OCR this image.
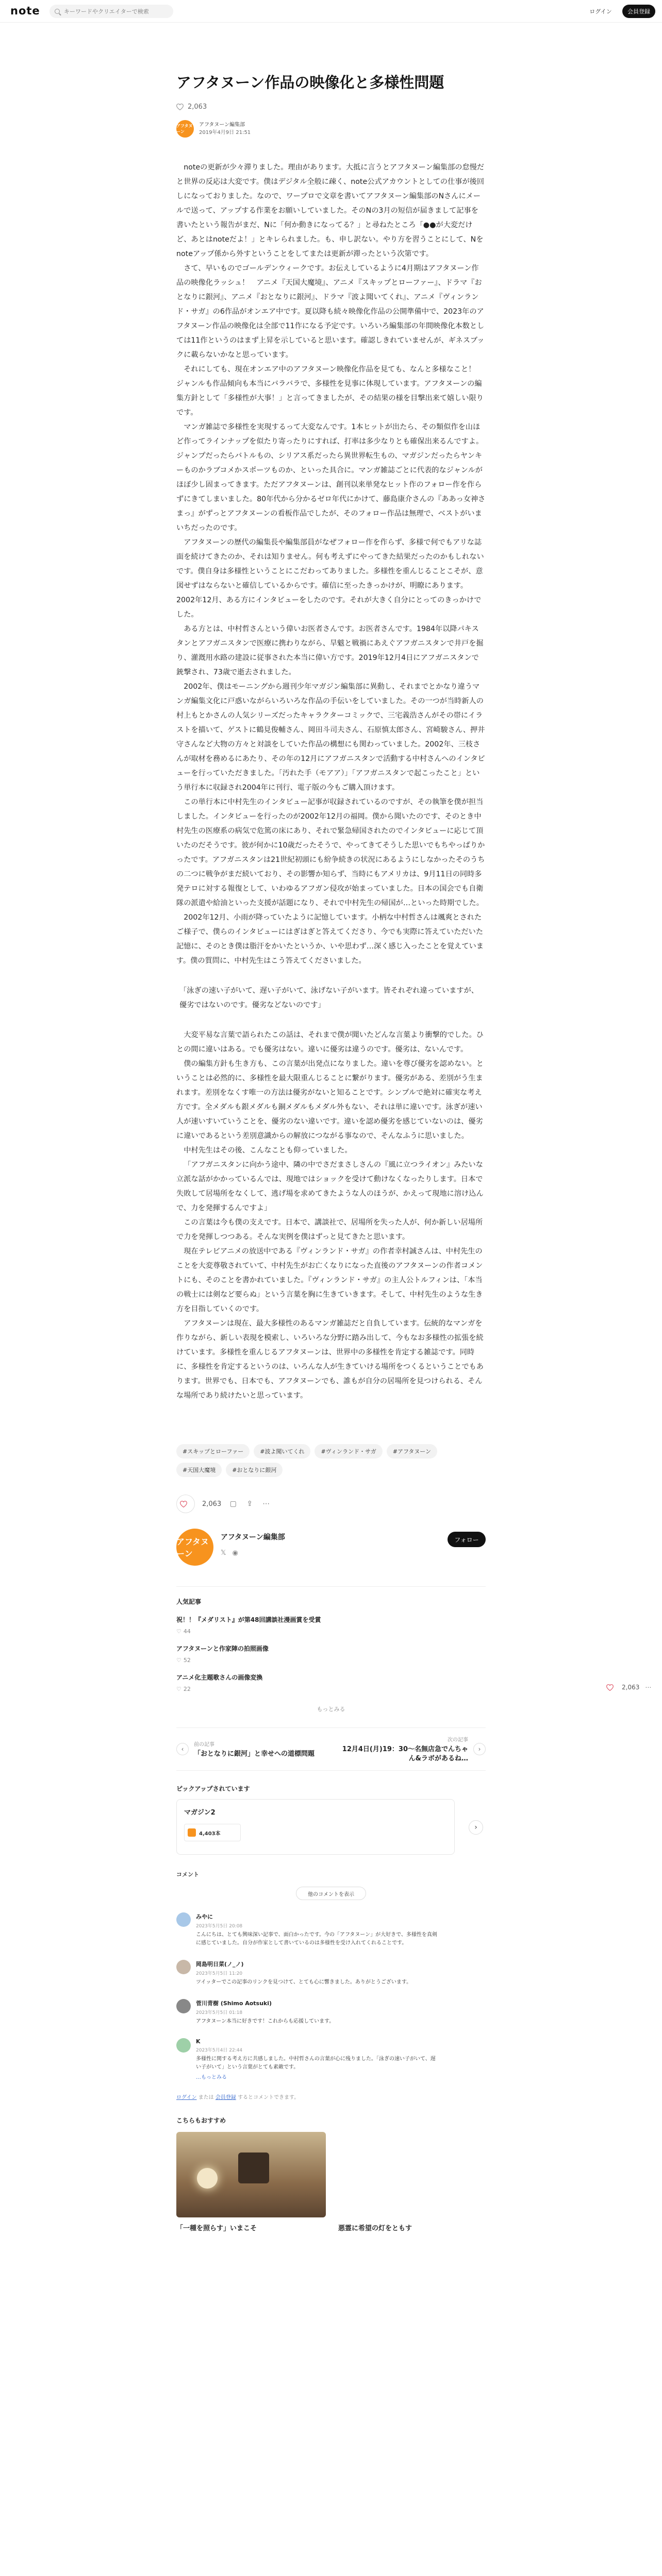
note
キーワードやクリエイターで検索	ログイン	会員登録
2,063 ⋯
アフタヌーン作品の映像化と多様性問題
2,063
アフタヌーン
アフタヌーン編集部
2019年4月9日 21:51

noteの更新が少々滞りました。理由があります。大抵に言うとアフタヌーン編集部の怠慢だと世界の反応は大変です。僕はデジタル全般に疎く、note公式アカウントとしての仕事が後回しになっておりました。なので、ワープロで文章を書いてアフタヌーン編集部のNさんにメールで送って、アップする作業をお願いしていました。そのNの3月の短信が届きまして記事を書いたという報告がまだ、Nに「何か動きになってる？」と尋ねたところ「●●が大変だけど、あとはnoteだよ！」とキレられました。も、申し訳ない。やり方を習うことにして、Nをnoteアップ係から外すということをしてまたは更新が滞ったという次第です。

さて、早いものでゴールデンウィークです。お伝えしているように4月期はアフタヌーン作品の映像化ラッシュ！　アニメ『天国大魔境』、アニメ『スキップとローファー』、ドラマ『おとなりに銀河』、アニメ『おとなりに銀河』、ドラマ『波よ聞いてくれ』、アニメ『ヴィンランド・サガ』の6作品がオンエア中です。夏以降も続々映像化作品の公開準備中で、2023年のアフタヌーン作品の映像化は全部で11作になる予定です。いろいろ編集部の年間映像化本数としては11作というのはまず上昇を示していると思います。確認しきれていませんが、ギネスブックに載らないかなと思っています。

それにしても、現在オンエア中のアフタヌーン映像化作品を見ても、なんと多様なこと！　ジャンルも作品傾向も本当にバラバラで、多様性を見事に体現しています。アフタヌーンの編集方針として「多様性が大事！」と言ってきましたが、その結果の様を目撃出来て嬉しい限りです。

マンガ雑誌で多様性を実現するって大変なんです。1本ヒットが出たら、その類似作を山ほど作ってラインナップを似たり寄ったりにすれば、打率は多少なりとも確保出来るんですよ。ジャンプだったらバトルもの、シリアス系だったら異世界転生もの、マガジンだったらヤンキーものかラブコメかスポーツものか、といった具合に。マンガ雑誌ごとに代表的なジャンルがほぼ少し固まってきます。ただアフタヌーンは、創刊以来単発なヒット作のフォロー作を作らずにきてしまいました。80年代から分かるゼロ年代にかけて、藤島康介さんの『ああっ女神さまっ』がずっとアフタヌーンの看板作品でしたが、そのフォロー作品は無理で、ベストがいまいちだったのです。

アフタヌーンの歴代の編集長や編集部員がなぜフォロー作を作らず、多様で何でもアリな誌面を続けてきたのか、それは知りません。何も考えずにやってきた結果だったのかもしれないです。僕自身は多様性ということにこだわってありました。多様性を重んじることこそが、意図せずはならないと確信しているからです。確信に至ったきっかけが、明瞭にあります。2002年12月、ある方にインタビューをしたのです。それが大きく自分にとってのきっかけでした。

ある方とは、中村哲さんという偉いお医者さんです。お医者さんです。1984年以降パキスタンとアフガニスタンで医療に携わりながら、旱魃と戦禍にあえぐアフガニスタンで井戸を掘り、灌漑用水路の建設に従事された本当に偉い方です。2019年12月4日にアフガニスタンで銃撃され、73歳で逝去されました。

2002年、僕はモーニングから週刊少年マガジン編集部に異動し、それまでとかなり違うマンガ編集文化に戸惑いながらいろいろな作品の手伝いをしていました。その一つが当時新人の村上もとかさんの人気シリーズだったキャラクターコミックで、三宅義浩さんがその帯にイラストを描いて、ゲストに鶴見俊輔さん、岡田斗司夫さん、石原慎太郎さん、宮崎駿さん、押井守さんなど大物の方々と対談をしていた作品の構想にも関わっていました。2002年、三枝さんが取材を務めるにあたり、その年の12月にアフガニスタンで活動する中村さんへのインタビューを行っていただきました。「汚れた手（モアア）」「アフガニスタンで起こったこと」という単行本に収録され2004年に刊行、電子版の今もご購入頂けます。

この単行本に中村先生のインタビュー記事が収録されているのですが、その執筆を僕が担当しました。インタビューを行ったのが2002年12月の福岡。僕から聞いたのです、そのとき中村先生の医療系の病気で危篤の床にあり、それで緊急帰国されたのでインタビューに応じて頂いたのだそうです。彼が何かに10歳だったそうで、やってきてそうした思いでもちやっぱりかったです。アフガニスタンは21世紀初頭にも紛争続きの状況にあるようにしなかったそのうちの二つに戦争がまだ続いており、その影響か知らず、当時にもアメリカは、9月11日の同時多発テロに対する報復として、いわゆるアフガン侵攻が始まっていました。日本の国会でも自衛隊の派遣や給油といった支援が話題になり、それで中村先生の帰国が…といった時期でした。

2002年12月、小雨が降っていたように記憶しています。小柄な中村哲さんは颯爽とされたご様子で、僕らのインタビューにはぎはぎと答えてくださり、今でも実際に答えていただいた記憶に、そのとき僕は脂汗をかいたというか、いや思わず…深く感じ入ったことを覚えています。僕の質問に、中村先生はこう答えてくださいました。

「泳ぎの速い子がいて、遅い子がいて、泳げない子がいます。皆それぞれ違っていますが、優劣ではないのです。優劣などないのです」

大変平易な言葉で語られたこの話は、それまで僕が聞いたどんな言葉より衝撃的でした。ひとの間に違いはある。でも優劣はない。違いに優劣は違うのです。優劣は、ないんです。

僕の編集方針も生き方も、この言葉が出発点になりました。違いを尊び優劣を認めない。ということは必然的に、多様性を最大限重んじることに繋がります。優劣がある、差別がう生まれます。差別をなくす唯一の方法は優劣がないと知ることです。シンプルで絶対に確実な考え方です。全メダルも銀メダルも銅メダルもメダル外もない、それは単に違いです。泳ぎが速い人が速いすいていうことを、優劣のない違いです。違いを認め優劣を感じていないのは、優劣に違いであるという差別意識からの解放につながる事なので、そんなふうに思いました。

中村先生はその後、こんなことも仰っていました。

「アフガニスタンに向かう途中、隣の中でさだまさしさんの『風に立つライオン』みたいな立派な話がかかっているんでは、現地ではショックを受けて動けなくなったりします。日本で失敗して居場所をなくして、逃げ場を求めてきたような人のほうが、かえって現地に溶け込んで、力を発揮するんですよ」

この言葉は今も僕の支えです。日本で、講談社で、居場所を失った人が、何か新しい居場所で力を発揮しつつある。そんな実例を僕はずっと見てきたと思います。

現在テレビアニメの放送中である『ヴィンランド・サガ』の作者幸村誠さんは、中村先生のことを大変尊敬されていて、中村先生がお亡くなりになった直後のアフタヌーンの作者コメントにも、そのことを書かれていました。『ヴィンランド・サガ』の主人公トルフィンは、「本当の戦士には剣など要らぬ」という言葉を胸に生きていきます。そして、中村先生のような生き方を目指していくのです。

アフタヌーンは現在、最大多様性のあるマンガ雑誌だと自負しています。伝統的なマンガを作りながら、新しい表現を模索し、いろいろな分野に踏み出して、今もなお多様性の拡張を続けています。多様性を重んじるアフタヌーンは、世界中の多様性を肯定する雑誌です。同時に、多様性を肯定するというのは、いろんな人が生きていける場所をつくるということでもあります。世界でも、日本でも、アフタヌーンでも、誰もが自分の居場所を見つけられる、そんな場所であり続けたいと思っています。

#スキップとローファー	#波よ聞いてくれ	#ヴィンランド・サガ	#アフタヌーン
#天国大魔境	#おとなりに銀河
2,063 ▢ ⇪ ⋯
アフタヌーン
アフタヌーン編集部
𝕏 ◉
フォロー
人気記事
祝！！『メダリスト』が第48回講談社漫画賞を受賞
♡ 44
アフタヌーンと作家陣の拍照画像
♡ 52
アニメ化主題歌さんの画像変換
♡ 22
もっとみる
‹
前の記事
「おとなりに銀河」と幸せへの道標問題
次の記事
12月4日(月)19：30〜名無店急でんちゃん&ラボがあるね…
›
ピックアップされています
マガジン2
4,403本
›
コメント
他のコメントを表示
みやに
2023年5月5日 20:08
こんにちは、とても興味深い記事で、面白かったです。今の「アフタヌーン」が大好きで、多様性を真剣に感じていました。自分が作家として書いているのは多様性を受け入れてくれることです。
岡島明日菜(ノ_ノ)
2023年5月5日 11:20
ツイッターでこの記事のリンクを見つけて、とても心に響きました。ありがとうございます。
菅川青樹 (Shimo Aotsuki)
2023年5月5日 01:18
アフタヌーン本当に好きです！これからも応援しています。
K
2023年5月4日 22:44
多様性に関する考え方に共感しました。中村哲さんの言葉が心に残りました。「泳ぎの速い子がいて、遅い子がいて」という言葉がとても素敵です。
…もっとみる
ログイン または 会員登録 するとコメントできます。
こちらもおすすめ
「一種を照らす」いまこそ	悪霊に希望の灯をともす
